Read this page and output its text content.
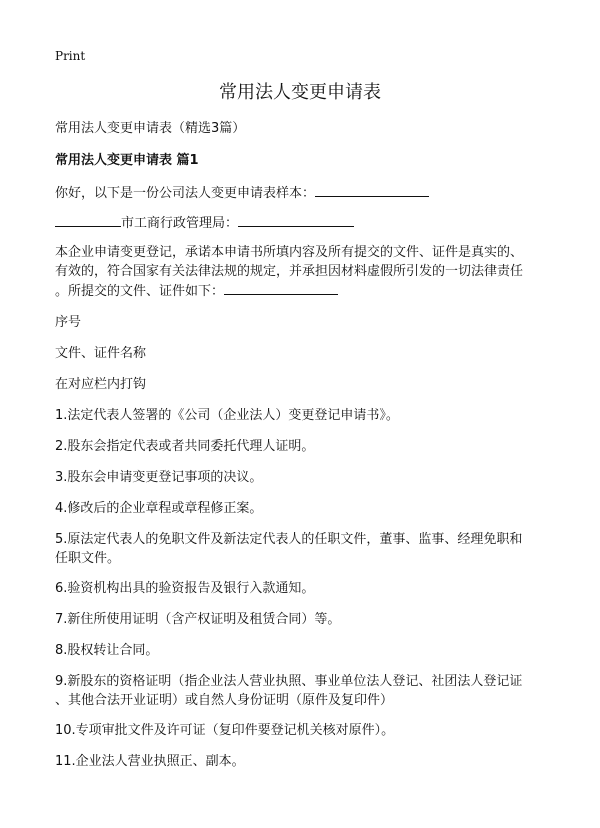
Print
常用法人变更申请表
常用法人变更申请表（精选3篇）
常用法人变更申请表 篇1
你好，以下是一份公司法人变更申请表样本：
市工商行政管理局：
本企业申请变更登记，承诺本申请书所填内容及所有提交的文件、证件是真实的、
有效的，符合国家有关法律法规的规定，并承担因材料虚假所引发的一切法律责任
。所提交的文件、证件如下：
序号
文件、证件名称
在对应栏内打钩
1.法定代表人签署的《公司（企业法人）变更登记申请书》。
2.股东会指定代表或者共同委托代理人证明。
3.股东会申请变更登记事项的决议。
4.修改后的企业章程或章程修正案。
5.原法定代表人的免职文件及新法定代表人的任职文件，董事、监事、经理免职和
任职文件。
6.验资机构出具的验资报告及银行入款通知。
7.新住所使用证明（含产权证明及租赁合同）等。
8.股权转让合同。
9.新股东的资格证明（指企业法人营业执照、事业单位法人登记、社团法人登记证
、其他合法开业证明）或自然人身份证明（原件及复印件）
10.专项审批文件及许可证（复印件要登记机关核对原件）。
11.企业法人营业执照正、副本。
